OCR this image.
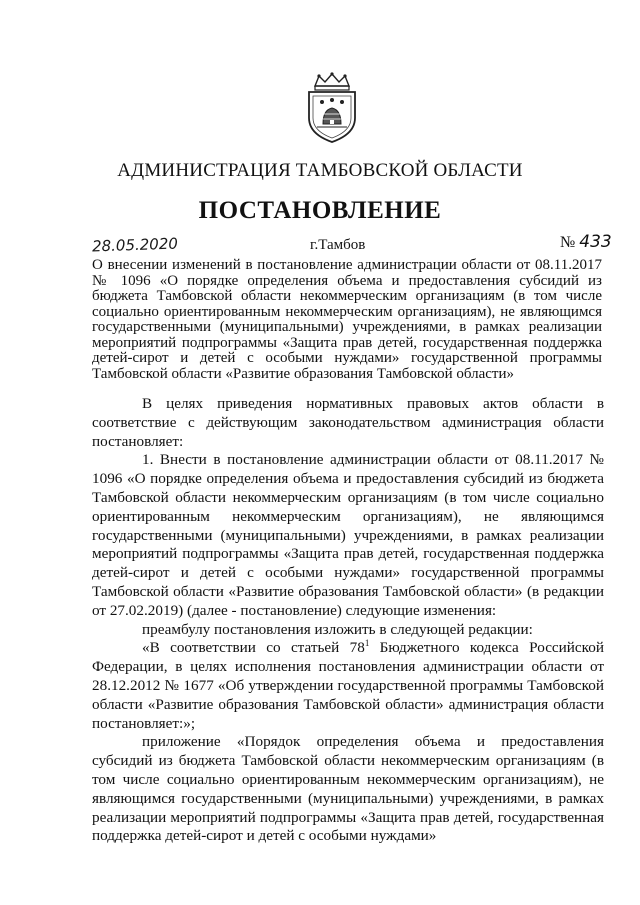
АДМИНИСТРАЦИЯ ТАМБОВСКОЙ ОБЛАСТИ
ПОСТАНОВЛЕНИЕ
28.05.2020	г.Тамбов	№ 433
О внесении изменений в постановление администрации области от 08.11.2017 № 1096 «О порядке определения объема и предоставления субсидий из бюджета Тамбовской области некоммерческим организациям (в том числе социально ориентированным некоммерческим организациям), не являющимся государственными (муниципальными) учреждениями, в рамках реализации мероприятий подпрограммы «Защита прав детей, государственная поддержка детей-сирот и детей с особыми нуждами» государственной программы Тамбовской области «Развитие образования Тамбовской области»

В целях приведения нормативных правовых актов области в соответствие с действующим законодательством администрация области постановляет:

1. Внести в постановление администрации области от 08.11.2017 № 1096 «О порядке определения объема и предоставления субсидий из бюджета Тамбовской области некоммерческим организациям (в том числе социально ориентированным некоммерческим организациям), не являющимся государственными (муниципальными) учреждениями, в рамках реализации мероприятий подпрограммы «Защита прав детей, государственная поддержка детей-сирот и детей с особыми нуждами» государственной программы Тамбовской области «Развитие образования Тамбовской области» (в редакции от 27.02.2019) (далее - постановление) следующие изменения:

преамбулу постановления изложить в следующей редакции:

«В соответствии со статьей $78^1$ Бюджетного кодекса Российской Федерации, в целях исполнения постановления администрации области от 28.12.2012 № 1677 «Об утверждении государственной программы Тамбовской области «Развитие образования Тамбовской области» администрация области постановляет:»;

приложение «Порядок определения объема и предоставления субсидий из бюджета Тамбовской области некоммерческим организациям (в том числе социально ориентированным некоммерческим организациям), не являющимся государственными (муниципальными) учреждениями, в рамках реализации мероприятий подпрограммы «Защита прав детей, государственная поддержка детей-сирот и детей с особыми нуждами»
